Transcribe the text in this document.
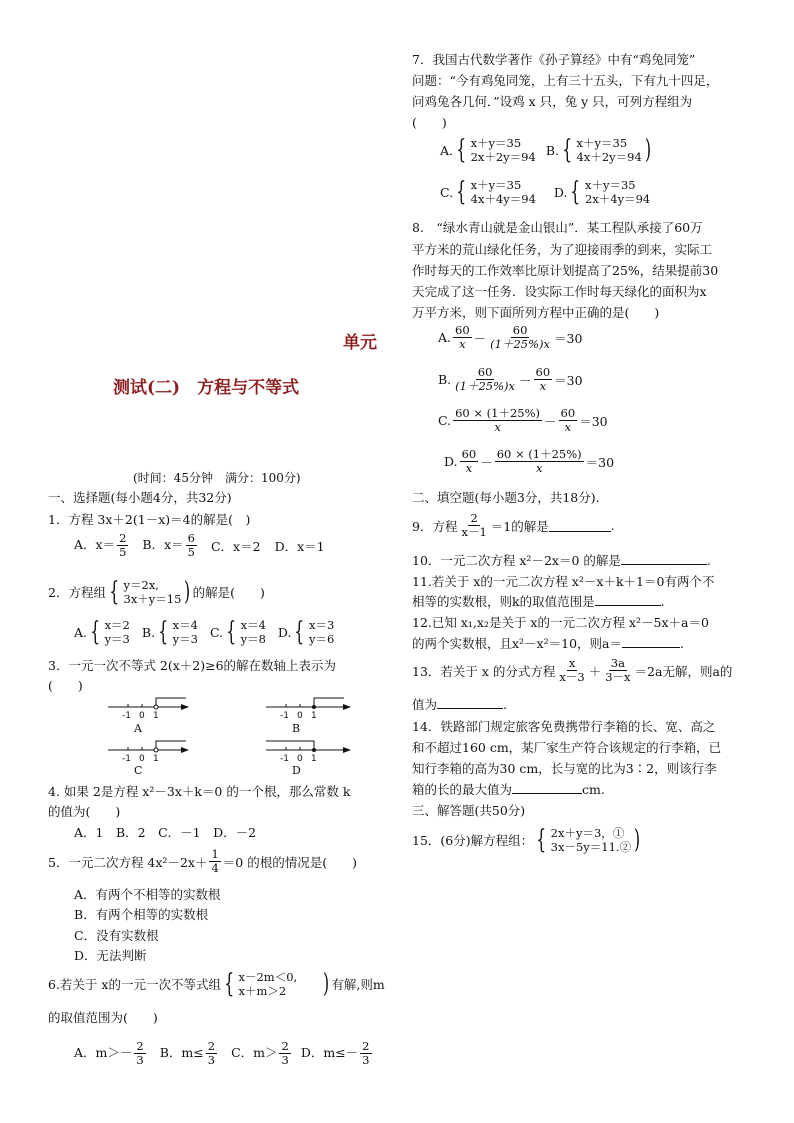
单元
测试(二)　方程与不等式
(时间：45分钟　满分：100分)
一、选择题(每小题4分，共32分)
1．方程 3x＋2(1－x)＝4的解是(　)
A．$x= \frac{2}{5}$ B．$x= \frac{6}{5}$ C．x＝2 D．x＝1
2．方程组 { y＝2x,
3x＋y＝15 ) 的解是(　　)
A. { x＝2
y＝3 B. { x＝4
y＝3 C. { x＝4
y＝8 D. { x＝3
y＝6
3．一元一次不等式 2(x＋2)≥6的解在数轴上表示为
(　　)
-1 0 1	-1 0 1
-1 0 1	-1 0 1
A	B
C	D
4. 如果 2是方程 x²－3x＋k＝0 的一个根，那么常数 k
的值为(　　)
A．1　B．2　C．－1　D．－2
5．一元二次方程 $4x^2-2x+ \frac{1}{4} =0$ 的根的情况是(　　)
A．有两个不相等的实数根
B．有两个相等的实数根
C．没有实数根
D．无法判断
6.若关于 x的一元一次不等式组 { x－2m＜0,
x＋m＞2	) 有解,则m
的取值范围为(　　)
A．$m>- \frac{2}{3}$ B．$m\le \frac{2}{3}$ C．$m> \frac{2}{3}$ D．$m\le- \frac{2}{3}$
7．我国古代数学著作《孙子算经》中有“鸡兔同笼”
问题：“今有鸡兔同笼，上有三十五头，下有九十四足，
问鸡兔各几何．”设鸡 x 只，兔 y 只，可列方程组为
(　　)
A. { x＋y＝35
2x＋2y＝94 B. { x＋y＝35
4x＋2y＝94 )
C. { x＋y＝35
4x＋4y＝94 D. { x＋y＝35
2x＋4y＝94
8.　“绿水青山就是金山银山”．某工程队承接了60万
平方米的荒山绿化任务，为了迎接雨季的到来，实际工
作时每天的工作效率比原计划提高了25%，结果提前30
天完成了这一任务．设实际工作时每天绿化的面积为x
万平方米，则下面所列方程中正确的是(　　)
A. $\frac{60}{x} - \frac{60}{(1+25\%)x} =30$
B. $\frac{60}{(1+25\%)x} - \frac{60}{x} =30$
C. $\frac{60 \times (1+25\%)}{x} - \frac{60}{x} =30$
D. $\frac{60}{x} - \frac{60 \times (1+25\%)}{x} =30$
二、填空题(每小题3分，共18分).
9．方程 $\frac{2}{x-1} =1$的解是	.
10．一元二次方程 x²－2x＝0 的解是	.
11.若关于 x的一元二次方程 x²－x＋k＋1＝0有两个不
相等的实数根，则k的取值范围是	.
12.已知 x₁,x₂是关于 x的一元二次方程 x²－5x＋a＝0
的两个实数根，且x²－x²＝10，则a＝	.
13．若关于 x 的分式方程 $\frac{x}{x-3} + \frac{3a}{3-x} =2a$无解，则a的
值为	.
14．铁路部门规定旅客免费携带行李箱的长、宽、高之
和不超过160 cm，某厂家生产符合该规定的行李箱，已
知行李箱的高为30 cm，长与宽的比为3∶2，则该行李
箱的长的最大值为	cm.
三、解答题(共50分)
15．(6分)解方程组： { 2x＋y＝3，①
3x－5y＝11.② )
